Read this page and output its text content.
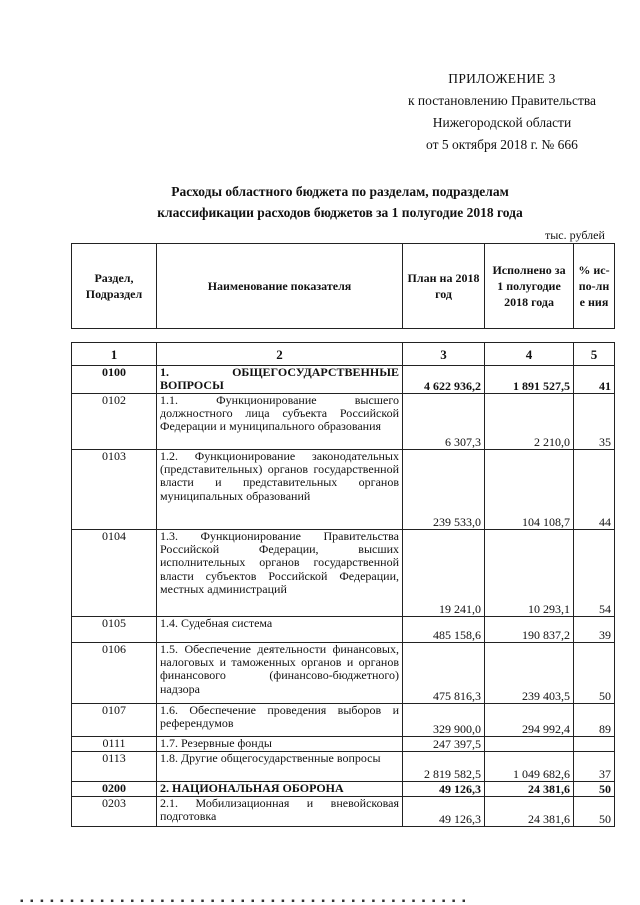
ПРИЛОЖЕНИЕ 3
к постановлению Правительства
Нижегородской области
от 5 октября 2018 г. № 666
Расходы областного бюджета по разделам, подразделам
классификации расходов бюджетов за 1 полугодие 2018 года
тыс. рублей
Раздел, Подраздел	Наименование показателя	План на 2018 год	Исполнено за 1 полугодие 2018 года	% ис-по-лне ния
1	2	3	4	5
0100	1. ОБЩЕГОСУДАРСТВЕННЫЕ ВОПРОСЫ	4 622 936,2	1 891 527,5	41
0102	1.1. Функционирование высшего должностного лица субъекта Российской Федерации и муниципального образования	6 307,3	2 210,0	35
0103	1.2. Функционирование законодательных (представительных) органов государственной власти и представительных органов муниципальных образований	239 533,0	104 108,7	44
0104	1.3. Функционирование Правительства Российской Федерации, высших исполнительных органов государственной власти субъектов Российской Федерации, местных администраций	19 241,0	10 293,1	54
0105	1.4. Судебная система	485 158,6	190 837,2	39
0106	1.5. Обеспечение деятельности финансовых, налоговых и таможенных органов и органов финансового (финансово-бюджетного) надзора	475 816,3	239 403,5	50
0107	1.6. Обеспечение проведения выборов и референдумов	329 900,0	294 992,4	89
0111	1.7. Резервные фонды	247 397,5		
0113	1.8. Другие общегосударственные вопросы	2 819 582,5	1 049 682,6	37
0200	2. НАЦИОНАЛЬНАЯ ОБОРОНА	49 126,3	24 381,6	50
0203	2.1. Мобилизационная и вневойсковая подготовка	49 126,3	24 381,6	50
▪ ▪ ▪ ▪ ▪ ▪ ▪ ▪ ▪ ▪ ▪ ▪ ▪ ▪ ▪ ▪ ▪ ▪ ▪ ▪ ▪ ▪ ▪ ▪ ▪ ▪ ▪ ▪ ▪ ▪ ▪ ▪ ▪ ▪ ▪ ▪ ▪ ▪ ▪ ▪ ▪ ▪ ▪ ▪ ▪
